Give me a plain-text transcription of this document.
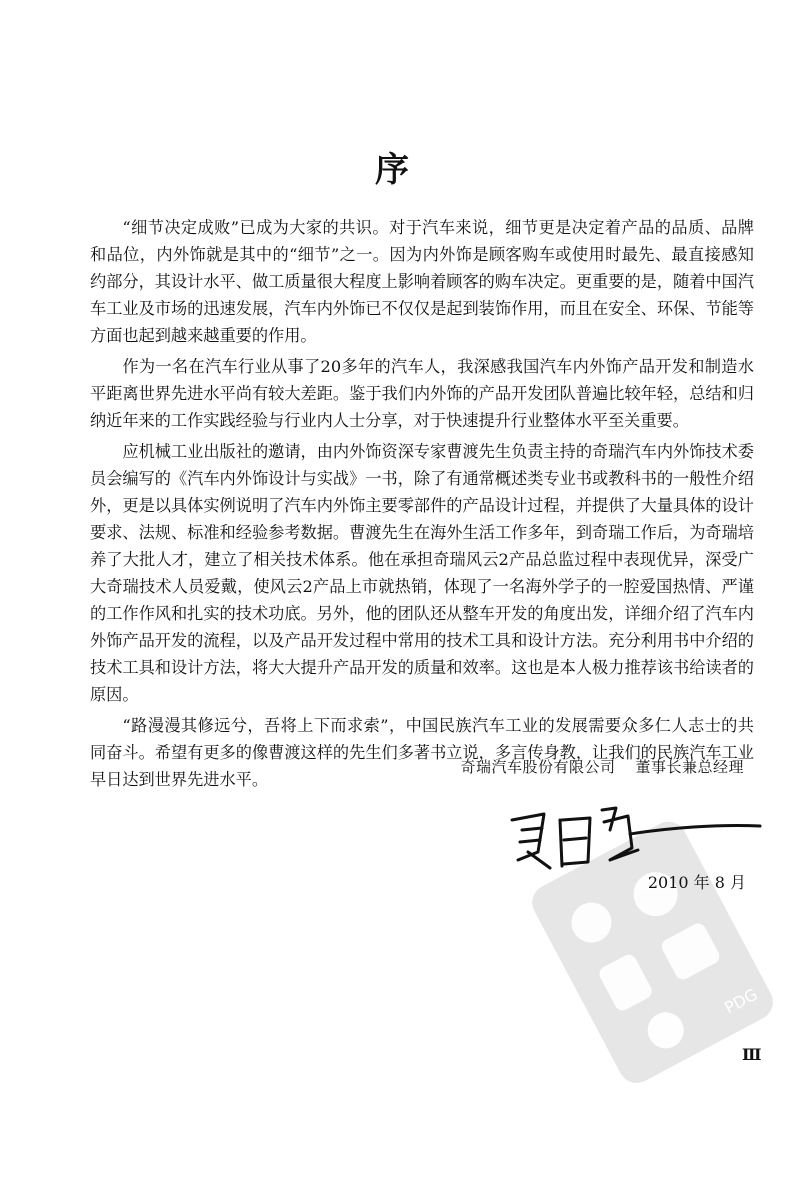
序

“细节决定成败”已成为大家的共识。对于汽车来说，细节更是决定着产品的品质、品牌和品位，内外饰就是其中的“细节”之一。因为内外饰是顾客购车或使用时最先、最直接感知约部分，其设计水平、做工质量很大程度上影响着顾客的购车决定。更重要的是，随着中国汽车工业及市场的迅速发展，汽车内外饰已不仅仅是起到装饰作用，而且在安全、环保、节能等方面也起到越来越重要的作用。

作为一名在汽车行业从事了20多年的汽车人，我深感我国汽车内外饰产品开发和制造水平距离世界先进水平尚有较大差距。鉴于我们内外饰的产品开发团队普遍比较年轻，总结和归纳近年来的工作实践经验与行业内人士分享，对于快速提升行业整体水平至关重要。

应机械工业出版社的邀请，由内外饰资深专家曹渡先生负责主持的奇瑞汽车内外饰技术委员会编写的《汽车内外饰设计与实战》一书，除了有通常概述类专业书或教科书的一般性介绍外，更是以具体实例说明了汽车内外饰主要零部件的产品设计过程，并提供了大量具体的设计要求、法规、标准和经验参考数据。曹渡先生在海外生活工作多年，到奇瑞工作后，为奇瑞培养了大批人才，建立了相关技术体系。他在承担奇瑞风云2产品总监过程中表现优异，深受广大奇瑞技术人员爱戴，使风云2产品上市就热销，体现了一名海外学子的一腔爱国热情、严谨的工作作风和扎实的技术功底。另外，他的团队还从整车开发的角度出发，详细介绍了汽车内外饰产品开发的流程，以及产品开发过程中常用的技术工具和设计方法。充分利用书中介绍的技术工具和设计方法，将大大提升产品开发的质量和效率。这也是本人极力推荐该书给读者的原因。

“路漫漫其修远兮，吾将上下而求索”，中国民族汽车工业的发展需要众多仁人志士的共同奋斗。希望有更多的像曹渡这样的先生们多著书立说，多言传身教，让我们的民族汽车工业早日达到世界先进水平。

奇瑞汽车股份有限公司 董事长兼总经理
PDG
2010 年 8 月
Ⅲ
